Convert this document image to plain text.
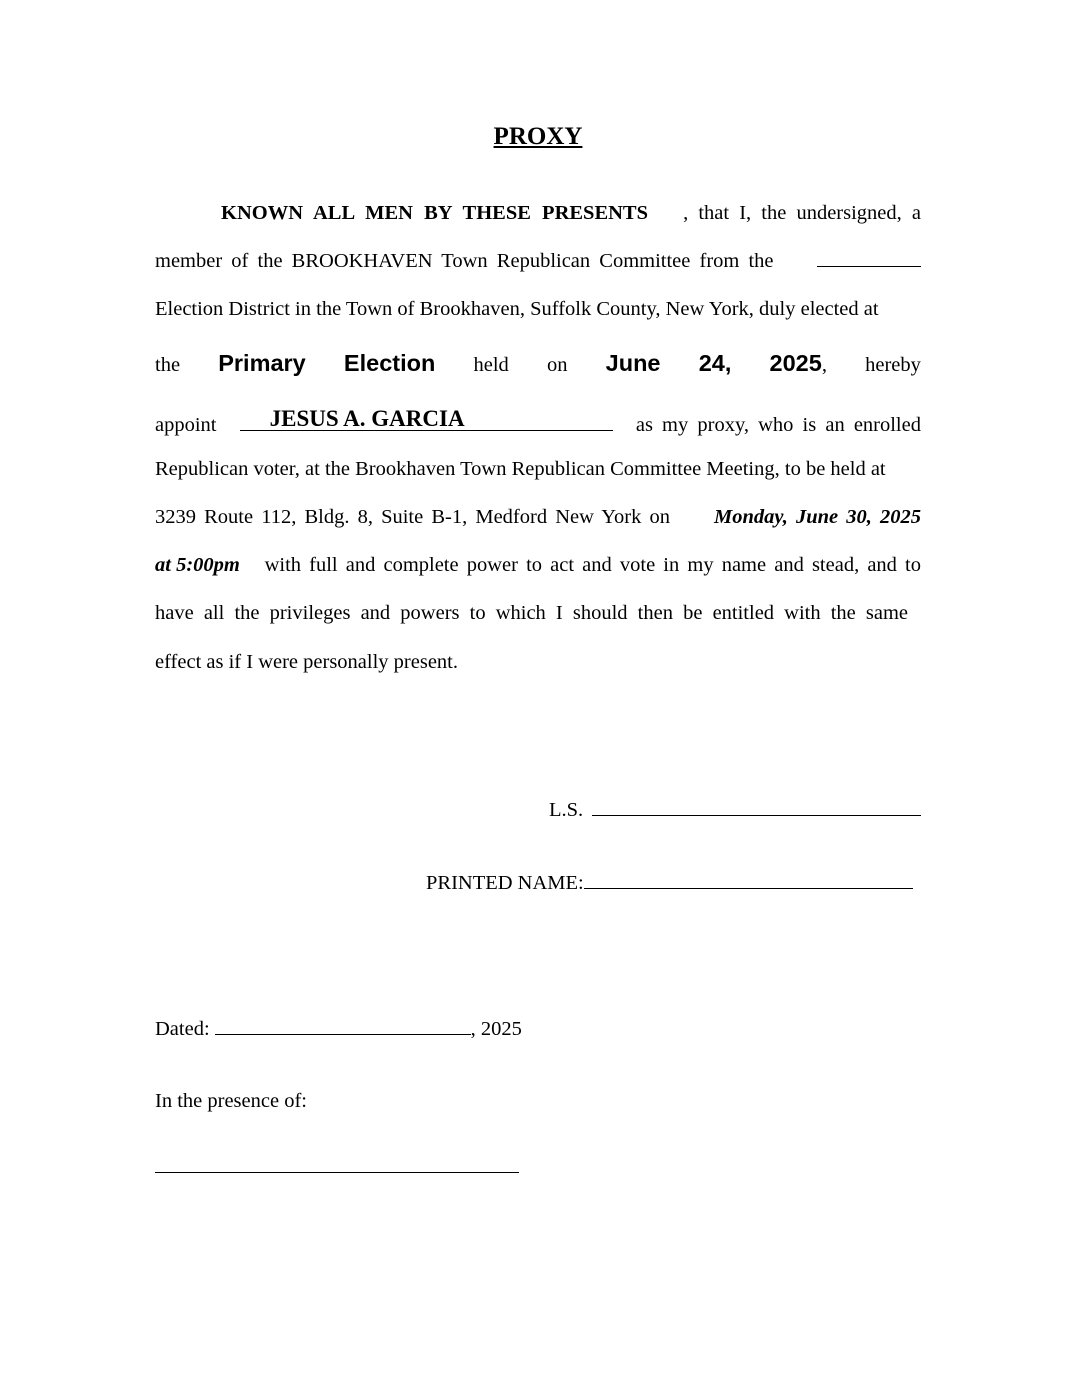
PROXY
KNOWN ALL MEN BY THESE PRESENTS , that I, the undersigned, a
member of the BROOKHAVEN Town Republican Committee from the
Election District in the Town of Brookhaven, Suffolk County, New York, duly elected at
the Primary Election held on June 24, 2025, hereby
appoint JESUS A. GARCIA	as my proxy, who is an enrolled
Republican voter, at the Brookhaven Town Republican Committee Meeting, to be held at
3239 Route 112, Bldg. 8, Suite B-1, Medford New York on Monday, June 30, 2025
at 5:00pm with full and complete power to act and vote in my name and stead, and to
have all the privileges and powers to which I should then be entitled with the same
effect as if I were personally present.
L.S.
PRINTED NAME:
Dated:	, 2025
In the presence of:
